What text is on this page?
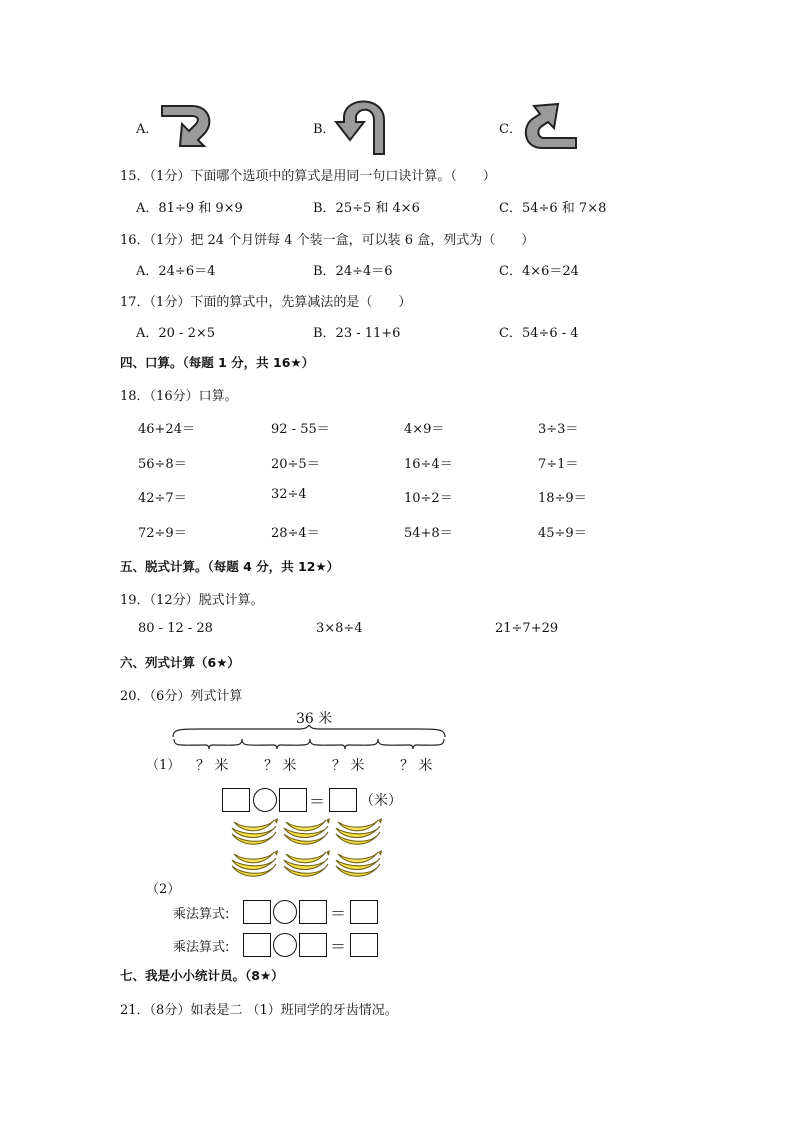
A．	B．	C．
15．（1分）下面哪个选项中的算式是用同一句口诀计算。（　　）
A．81÷9 和 9×9	B．25÷5 和 4×6	C．54÷6 和 7×8
16．（1分）把 24 个月饼每 4 个装一盒，可以装 6 盒，列式为（　　）
A．24÷6＝4	B．24÷4＝6	C．4×6＝24
17．（1分）下面的算式中，先算减法的是（　　）
A．20 - 2×5	B．23 - 11+6	C．54÷6 - 4
四、口算。（每题 1 分，共 16★）
18．（16分）口算。
46+24＝	92 - 55＝	4×9＝	3÷3＝
56÷8＝	20÷5＝	16÷4＝	7÷1＝
42÷7＝	32÷4	10÷2＝	18÷9＝
72÷9＝	28÷4＝	54+8＝	45÷9＝
五、脱式计算。（每题 4 分，共 12★）
19．（12分）脱式计算。
80 - 12 - 28	3×8÷4	21÷7+29
六、列式计算（6★）
20．（6分）列式计算
（1）
36 米
？ 米	？ 米	？ 米	？ 米
＝ （米）
（2）
乘法算式:	＝
乘法算式:	＝
七、我是小小统计员。（8★）
21．（8分）如表是二 （1）班同学的牙齿情况。
